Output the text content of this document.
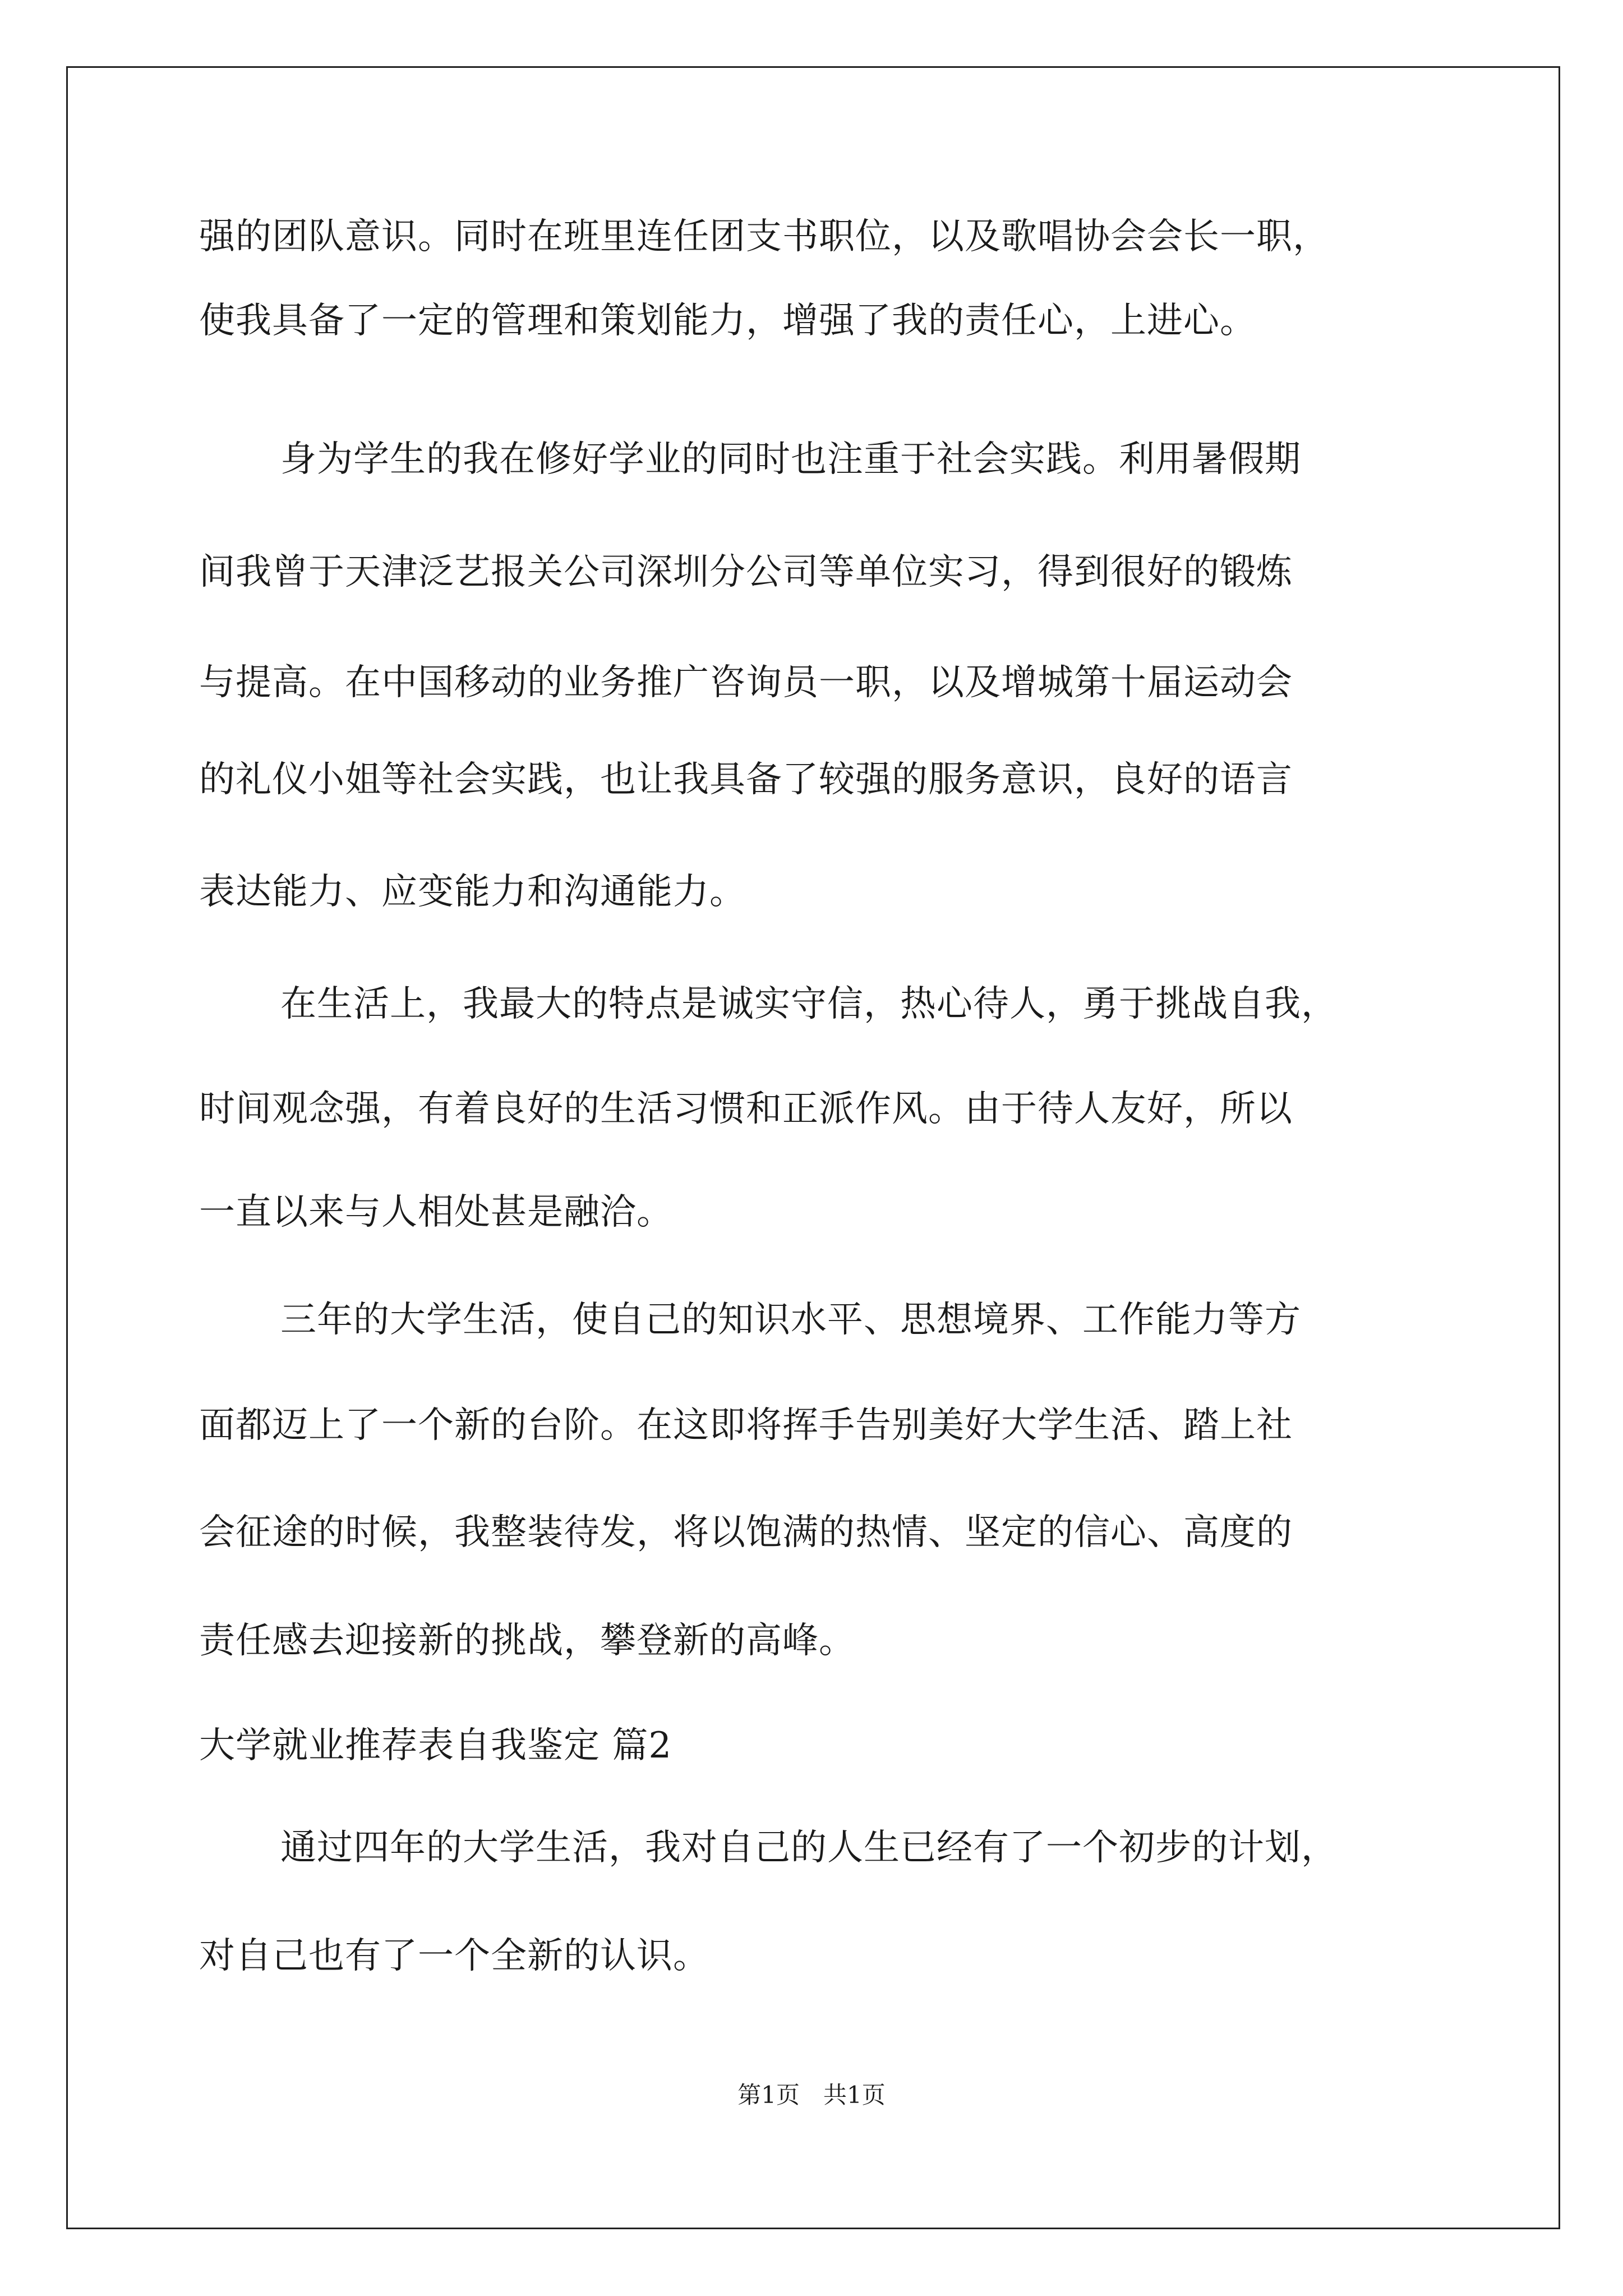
强的团队意识。同时在班里连任团支书职位，以及歌唱协会会长一职，
使我具备了一定的管理和策划能力，增强了我的责任心，上进心。
身为学生的我在修好学业的同时也注重于社会实践。利用暑假期
间我曾于天津泛艺报关公司深圳分公司等单位实习，得到很好的锻炼
与提高。在中国移动的业务推广咨询员一职，以及增城第十届运动会
的礼仪小姐等社会实践，也让我具备了较强的服务意识，良好的语言
表达能力、应变能力和沟通能力。
在生活上，我最大的特点是诚实守信，热心待人，勇于挑战自我，
时间观念强，有着良好的生活习惯和正派作风。由于待人友好，所以
一直以来与人相处甚是融洽。
三年的大学生活，使自己的知识水平、思想境界、工作能力等方
面都迈上了一个新的台阶。在这即将挥手告别美好大学生活、踏上社
会征途的时候，我整装待发，将以饱满的热情、坚定的信心、高度的
责任感去迎接新的挑战，攀登新的高峰。
大学就业推荐表自我鉴定 篇2
通过四年的大学生活，我对自己的人生已经有了一个初步的计划，
对自己也有了一个全新的认识。
第1页　共1页
